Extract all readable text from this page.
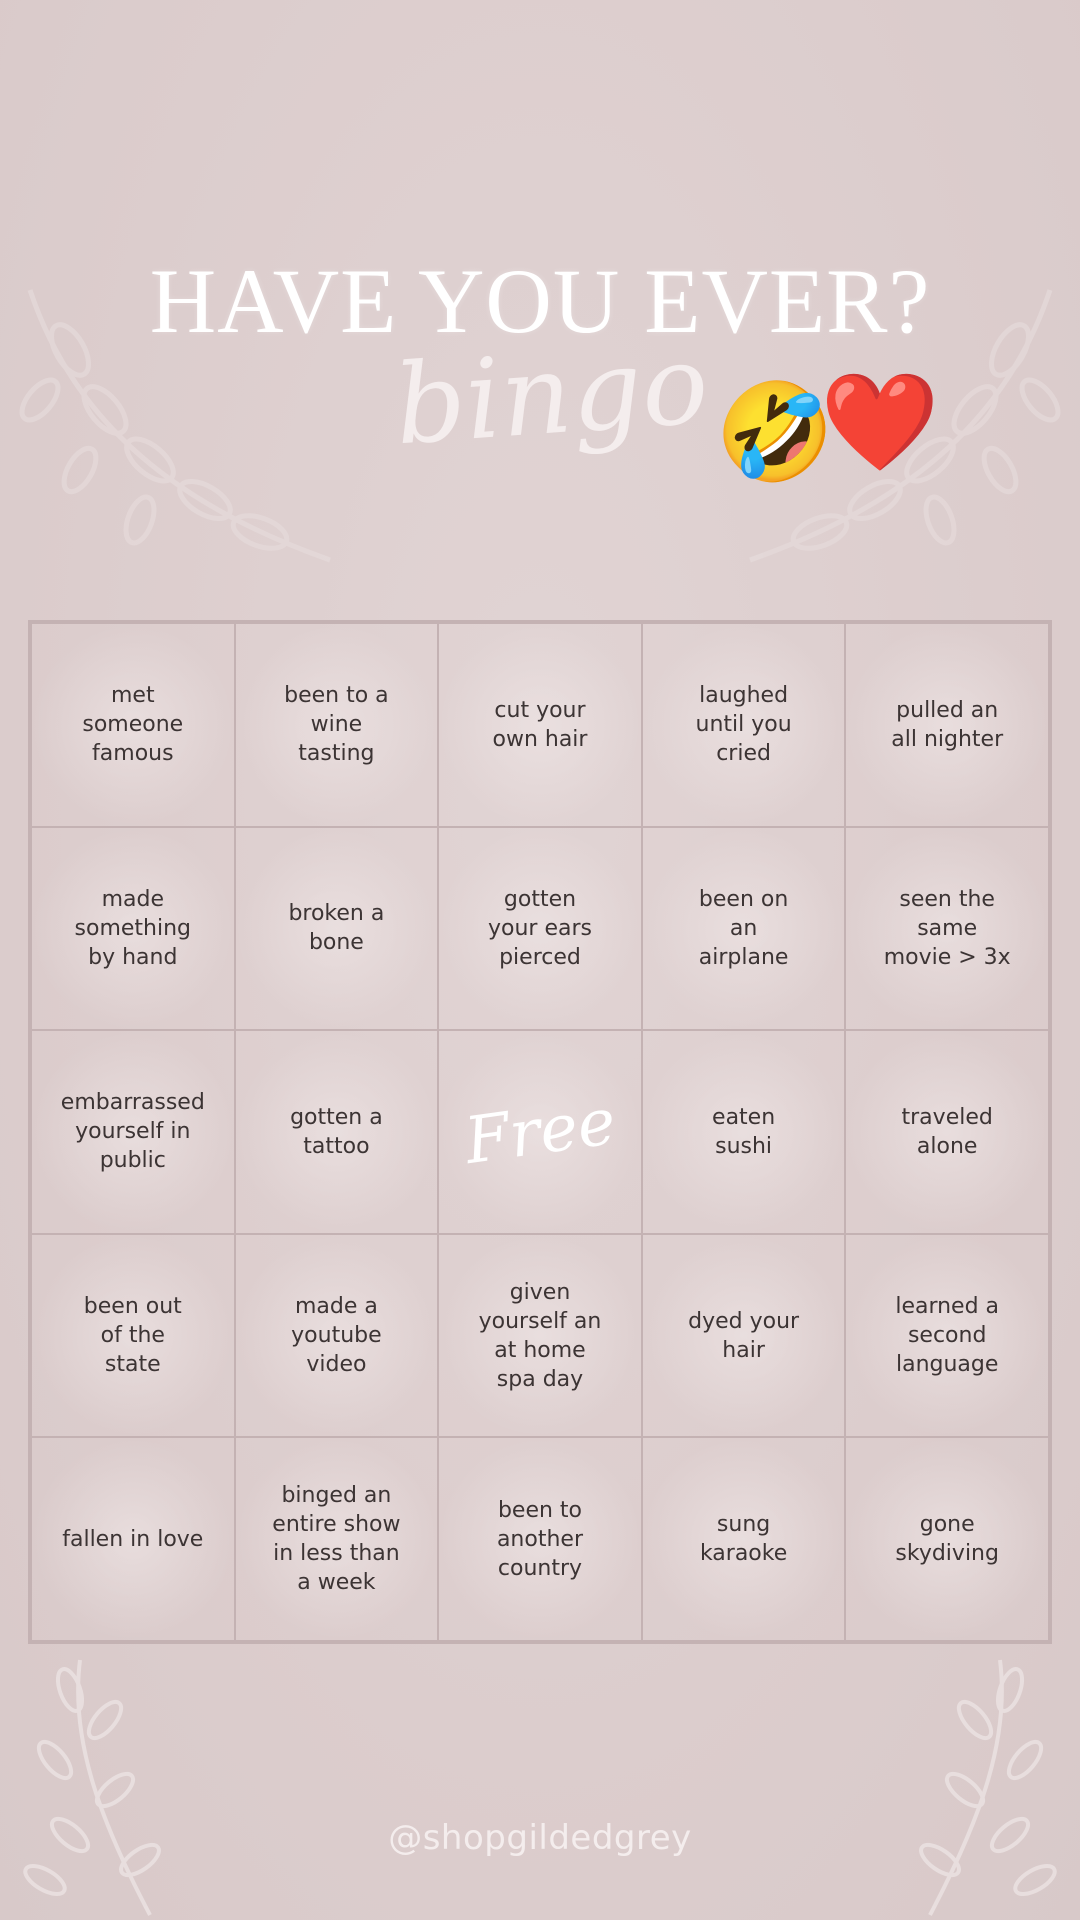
HAVE YOU EVER?
bingo 🤣
❤️
met
someone
famous
been to a
wine
tasting
cut your
own hair
laughed
until you
cried
pulled an
all nighter
made
something
by hand
broken a
bone
gotten
your ears
pierced
been on
an
airplane
seen the
same
movie > 3x
embarrassed
yourself in
public
gotten a
tattoo	Free	eaten
sushi
traveled
alone
been out
of the
state
made a
youtube
video
given
yourself an
at home
spa day
dyed your
hair
learned a
second
language
fallen in love
binged an
entire show
in less than
a week
been to
another
country
sung
karaoke
gone
skydiving
@shopgildedgrey
